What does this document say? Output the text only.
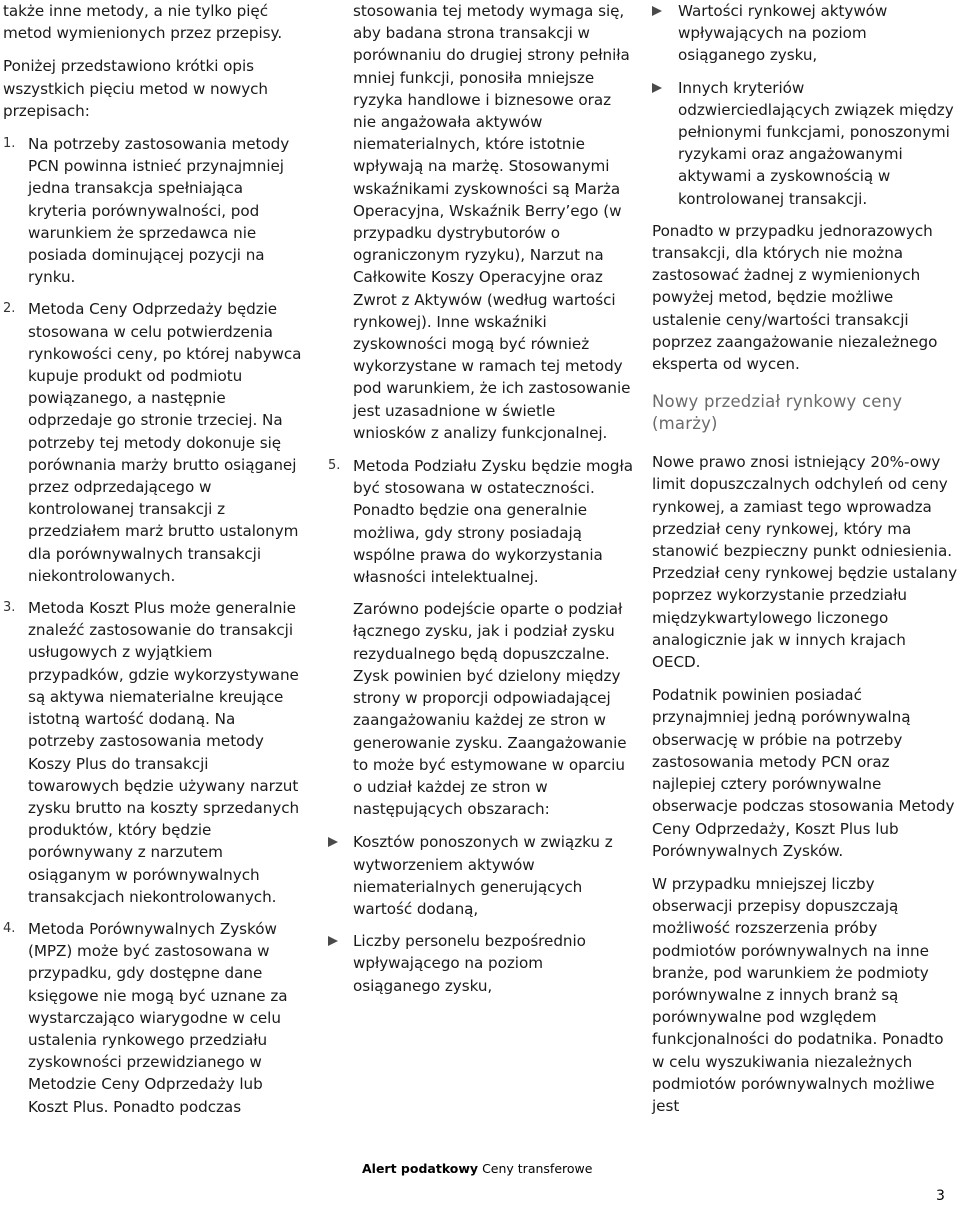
także inne metody, a nie tylko pięć metod wymienionych przez przepisy.

Poniżej przedstawiono krótki opis wszystkich pięciu metod w nowych przepisach:

1. Na potrzeby zastosowania metody PCN powinna istnieć przynajmniej jedna transakcja spełniająca kryteria porównywalności, pod warunkiem że sprzedawca nie posiada dominującej pozycji na rynku.
2. Metoda Ceny Odprzedaży będzie stosowana w celu potwierdzenia rynkowości ceny, po której nabywca kupuje produkt od podmiotu powiązanego, a następnie odprzedaje go stronie trzeciej. Na potrzeby tej metody dokonuje się porównania marży brutto osiąganej przez odprzedającego w kontrolowanej transakcji z przedziałem marż brutto ustalonym dla porównywalnych transakcji niekontrolowanych.
3. Metoda Koszt Plus może generalnie znaleźć zastosowanie do transakcji usługowych z wyjątkiem przypadków, gdzie wykorzystywane są aktywa niematerialne kreujące istotną wartość dodaną. Na potrzeby zastosowania metody Koszy Plus do transakcji towarowych będzie używany narzut zysku brutto na koszty sprzedanych produktów, który będzie porównywany z narzutem osiąganym w porównywalnych transakcjach niekontrolowanych.
4. Metoda Porównywalnych Zysków (MPZ) może być zastosowana w przypadku, gdy dostępne dane księgowe nie mogą być uznane za wystarczająco wiarygodne w celu ustalenia rynkowego przedziału zyskowności przewidzianego w Metodzie Ceny Odprzedaży lub Koszt Plus. Ponadto podczas

stosowania tej metody wymaga się, aby badana strona transakcji w porównaniu do drugiej strony pełniła mniej funkcji, ponosiła mniejsze ryzyka handlowe i biznesowe oraz nie angażowała aktywów niematerialnych, które istotnie wpływają na marżę. Stosowanymi wskaźnikami zyskowności są Marża Operacyjna, Wskaźnik Berry’ego (w przypadku dystrybutorów o ograniczonym ryzyku), Narzut na Całkowite Koszy Operacyjne oraz Zwrot z Aktywów (według wartości rynkowej). Inne wskaźniki zyskowności mogą być również wykorzystane w ramach tej metody pod warunkiem, że ich zastosowanie jest uzasadnione w świetle wniosków z analizy funkcjonalnej.

5. Metoda Podziału Zysku będzie mogła być stosowana w ostateczności. Ponadto będzie ona generalnie możliwa, gdy strony posiadają wspólne prawa do wykorzystania własności intelektualnej.

Zarówno podejście oparte o podział łącznego zysku, jak i podział zysku rezydualnego będą dopuszczalne. Zysk powinien być dzielony między strony w proporcji odpowiadającej zaangażowaniu każdej ze stron w generowanie zysku. Zaangażowanie to może być estymowane w oparciu o udział każdej ze stron w następujących obszarach:

Kosztów ponoszonych w związku z wytworzeniem aktywów niematerialnych generujących wartość dodaną,
Liczby personelu bezpośrednio wpływającego na poziom osiąganego zysku,
Wartości rynkowej aktywów wpływających na poziom osiąganego zysku,
Innych kryteriów odzwierciedlających związek między pełnionymi funkcjami, ponoszonymi ryzykami oraz angażowanymi aktywami a zyskownością w kontrolowanej transakcji.

Ponadto w przypadku jednorazowych transakcji, dla których nie można zastosować żadnej z wymienionych powyżej metod, będzie możliwe ustalenie ceny/wartości transakcji poprzez zaangażowanie niezależnego eksperta od wycen.

Nowy przedział rynkowy ceny (marży)

Nowe prawo znosi istniejący 20%-owy limit dopuszczalnych odchyleń od ceny rynkowej, a zamiast tego wprowadza przedział ceny rynkowej, który ma stanowić bezpieczny punkt odniesienia. Przedział ceny rynkowej będzie ustalany poprzez wykorzystanie przedziału międzykwartylowego liczonego analogicznie jak w innych krajach OECD.

Podatnik powinien posiadać przynajmniej jedną porównywalną obserwację w próbie na potrzeby zastosowania metody PCN oraz najlepiej cztery porównywalne obserwacje podczas stosowania Metody Ceny Odprzedaży, Koszt Plus lub Porównywalnych Zysków.

W przypadku mniejszej liczby obserwacji przepisy dopuszczają możliwość rozszerzenia próby podmiotów porównywalnych na inne branże, pod warunkiem że podmioty porównywalne z innych branż są porównywalne pod względem funkcjonalności do podatnika. Ponadto w celu wyszukiwania niezależnych podmiotów porównywalnych możliwe jest

Alert podatkowy Ceny transferowe
3
